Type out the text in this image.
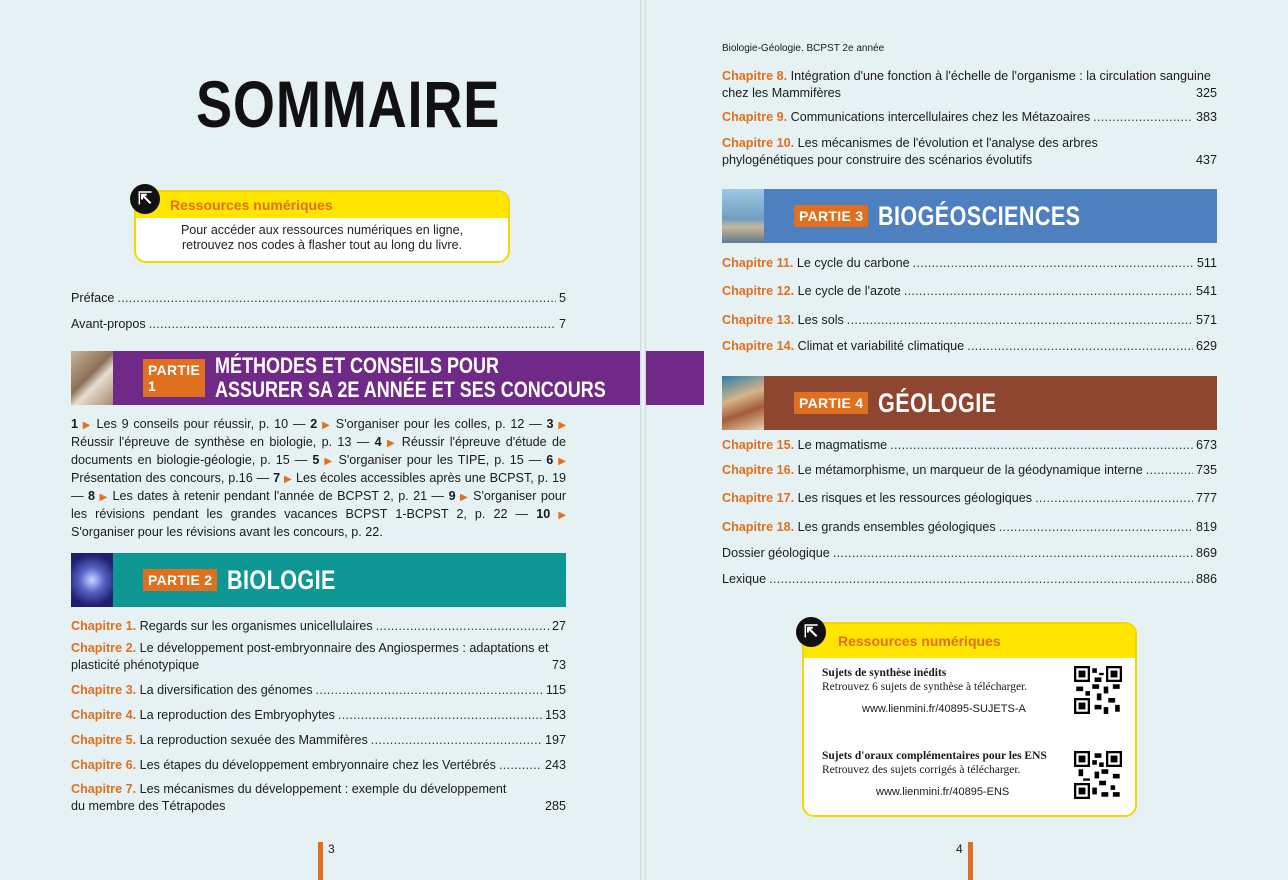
SOMMAIRE
Ressources numériques
Pour accéder aux ressources numériques en ligne,
retrouvez nos codes à flasher tout au long du livre.
⇱
Préface . . .	5
Avant-propos . . .	7
PARTIE 1
MÉTHODES ET CONSEILS POUR
ASSURER SA 2E ANNÉE ET SES CONCOURS
1 ▶ Les 9 conseils pour réussir, p. 10 — 2 ▶ S'organiser pour les colles, p. 12 — 3 ▶ Réussir l'épreuve de synthèse en biologie, p. 13 — 4 ▶ Réussir l'épreuve d'étude de documents en biologie-géologie, p. 15 — 5 ▶ S'organiser pour les TIPE, p. 15 — 6 ▶ Présentation des concours, p.16 — 7 ▶ Les écoles accessibles après une BCPST, p. 19 — 8 ▶ Les dates à retenir pendant l'année de BCPST 2, p. 21 — 9 ▶ S'organiser pour les révisions pendant les grandes vacances BCPST 1-BCPST 2, p. 22 — 10 ▶ S'organiser pour les révisions avant les concours, p. 22.
PARTIE 2 BIOLOGIE
Chapitre 1. Regards sur les organismes unicellulaires . . .	27
Chapitre 2. Le développement post-embryonnaire des Angiospermes : adaptations et
plasticité phénotypique	73
Chapitre 3. La diversification des génomes . . .	115
Chapitre 4. La reproduction des Embryophytes . . .	153
Chapitre 5. La reproduction sexuée des Mammifères . . .	197
Chapitre 6. Les étapes du développement embryonnaire chez les Vertébrés . . .	243
Chapitre 7. Les mécanismes du développement : exemple du développement
du membre des Tétrapodes	285
3
Biologie-Géologie. BCPST 2e année
Chapitre 8. Intégration d'une fonction à l'échelle de l'organisme : la circulation sanguine
chez les Mammifères	325
Chapitre 9. Communications intercellulaires chez les Métazoaires . . .	383
Chapitre 10. Les mécanismes de l'évolution et l'analyse des arbres
phylogénétiques pour construire des scénarios évolutifs	437
PARTIE 3 BIOGÉOSCIENCES
Chapitre 11. Le cycle du carbone . . .	511
Chapitre 12. Le cycle de l'azote . . .	541
Chapitre 13. Les sols . . .	571
Chapitre 14. Climat et variabilité climatique . . .	629
PARTIE 4 GÉOLOGIE
Chapitre 15. Le magmatisme . . .	673
Chapitre 16. Le métamorphisme, un marqueur de la géodynamique interne . . .	735
Chapitre 17. Les risques et les ressources géologiques . . .	777
Chapitre 18. Les grands ensembles géologiques . . .	819
Dossier géologique . . .	869
Lexique . . .	886
Ressources numériques
Sujets de synthèse inédits
Retrouvez 6 sujets de synthèse à télécharger.
www.lienmini.fr/40895-SUJETS-A
Sujets d'oraux complémentaires pour les ENS
Retrouvez des sujets corrigés à télécharger.
www.lienmini.fr/40895-ENS
⇱
4
